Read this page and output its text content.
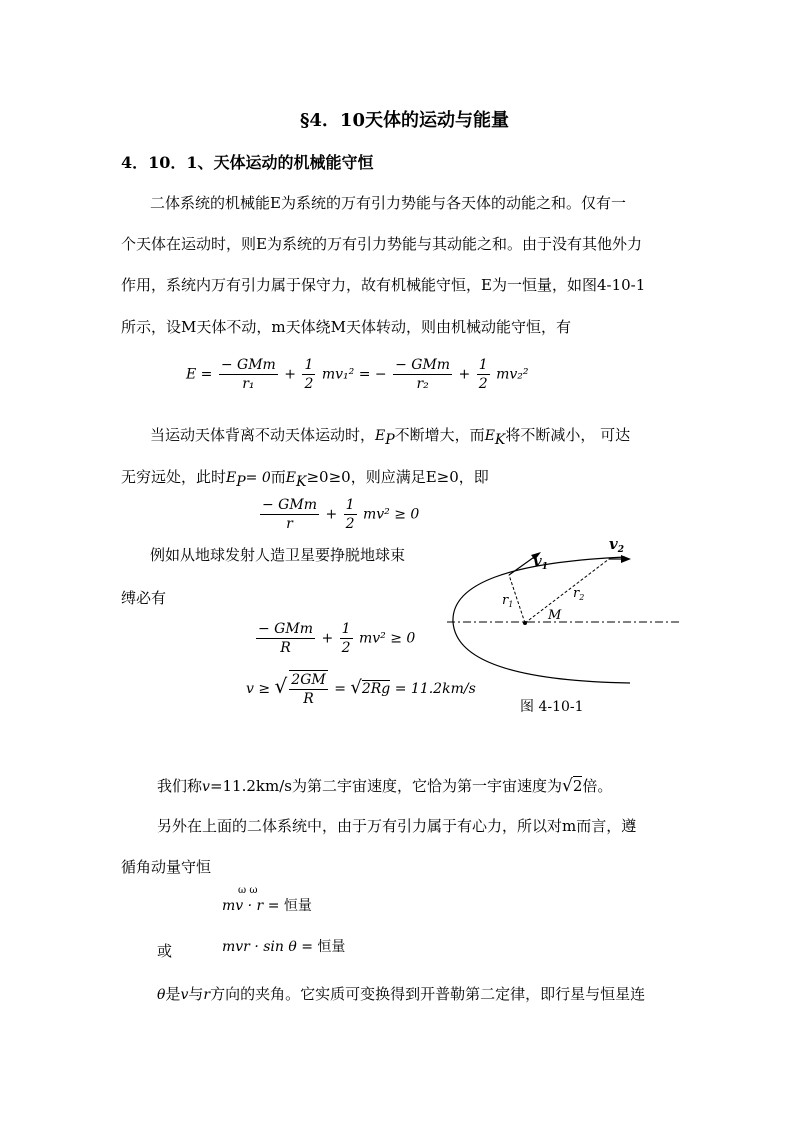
§4．10天体的运动与能量
4．10．1、天体运动的机械能守恒
二体系统的机械能E为系统的万有引力势能与各天体的动能之和。仅有一
个天体在运动时，则E为系统的万有引力势能与其动能之和。由于没有其他外力
作用，系统内万有引力属于保守力，故有机械能守恒，E为一恒量，如图4-10-1
所示，设M天体不动，m天体绕M天体转动，则由机械动能守恒，有
$E = \frac{\text{− GMm}}{\text{r₁}} + \frac{1}{2} mv_1^2$ = − $\frac{\text{− GMm}}{\text{r₂}} + \frac{1}{2} mv_2^2$
当运动天体背离不动天体运动时，$E_P$不断增大，而$E_K$将不断减小， 可达
无穷远处，此时$E_P= 0$而$E_K\ge 0\ge 0$，则应满足E≥0，即
$\frac{\text{− GMm}}{r} + \frac{1}{2} mv^2 \ge 0$
例如从地球发射人造卫星要挣脱地球束
缚必有
$\frac{\text{− GMm}}{R} + \frac{1}{2} mv^2 \ge 0$
v ≥ √ $\frac{2GM}{R} = √2Rg = 11.2km/s$
$v_1$
$v_2$
$r_1$
$r_2$
M
图 4-10-1
我们称v=11.2km/s为第二宇宙速度，它恰为第一宇宙速度为√2倍。
另外在上面的二体系统中，由于万有引力属于有心力，所以对m而言，遵
循角动量守恒
ω ω
mv · r = 恒量
或	mvr · sin θ = 恒量
θ是v与r方向的夹角。它实质可变换得到开普勒第二定律，即行星与恒星连
